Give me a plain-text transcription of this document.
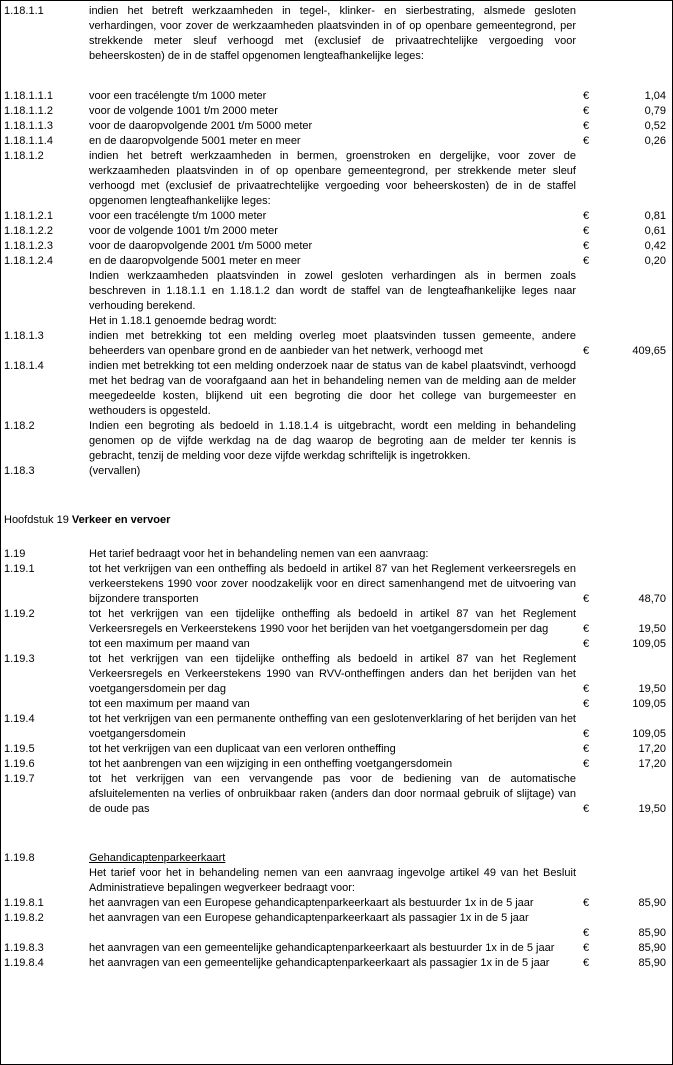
1.18.1.1	indien het betreft werkzaamheden in tegel-, klinker- en sierbestrating, alsmede gesloten verhardingen, voor zover de werkzaamheden plaatsvinden in of op openbare gemeentegrond, per strekkende meter sleuf verhoogd met (exclusief de privaatrechtelijke vergoeding voor beheerskosten) de in de staffel opgenomen lengteafhankelijke leges:
1.18.1.1.1	voor een tracélengte t/m 1000 meter	€	1,04
1.18.1.1.2	voor de volgende 1001 t/m 2000 meter	€	0,79
1.18.1.1.3	voor de daaropvolgende 2001 t/m 5000 meter	€	0,52
1.18.1.1.4	en de daaropvolgende 5001 meter en meer	€	0,26
1.18.1.2	indien het betreft werkzaamheden in bermen, groenstroken en dergelijke, voor zover de werkzaamheden plaatsvinden in of op openbare gemeentegrond, per strekkende meter sleuf verhoogd met (exclusief de privaatrechtelijke vergoeding voor beheerskosten) de in de staffel opgenomen lengteafhankelijke leges:
1.18.1.2.1	voor een tracélengte t/m 1000 meter	€	0,81
1.18.1.2.2	voor de volgende 1001 t/m 2000 meter	€	0,61
1.18.1.2.3	voor de daaropvolgende 2001 t/m 5000 meter	€	0,42
1.18.1.2.4	en de daaropvolgende 5001 meter en meer	€	0,20
Indien werkzaamheden plaatsvinden in zowel gesloten verhardingen als in bermen zoals beschreven in 1.18.1.1 en 1.18.1.2 dan wordt de staffel van de lengteafhankelijke leges naar verhouding berekend.
Het in 1.18.1 genoemde bedrag wordt:
1.18.1.3	indien met betrekking tot een melding overleg moet plaatsvinden tussen gemeente, andere beheerders van openbare grond en de aanbieder van het netwerk, verhoogd met	€	409,65
1.18.1.4	indien met betrekking tot een melding onderzoek naar de status van de kabel plaatsvindt, verhoogd met het bedrag van de voorafgaand aan het in behandeling nemen van de melding aan de melder meegedeelde kosten, blijkend uit een begroting die door het college van burgemeester en wethouders is opgesteld.
1.18.2	Indien een begroting als bedoeld in 1.18.1.4 is uitgebracht, wordt een melding in behandeling genomen op de vijfde werkdag na de dag waarop de begroting aan de melder ter kennis is gebracht, tenzij de melding voor deze vijfde werkdag schriftelijk is ingetrokken.
1.18.3	(vervallen)
Hoofdstuk 19 Verkeer en vervoer
1.19	Het tarief bedraagt voor het in behandeling nemen van een aanvraag:
1.19.1	tot het verkrijgen van een ontheffing als bedoeld in artikel 87 van het Reglement verkeersregels en verkeerstekens 1990 voor zover noodzakelijk voor en direct samenhangend met de uitvoering van bijzondere transporten	€	48,70
1.19.2	tot het verkrijgen van een tijdelijke ontheffing als bedoeld in artikel 87 van het Reglement Verkeersregels en Verkeerstekens 1990 voor het berijden van het voetgangersdomein per dag	€	19,50
tot een maximum per maand van	€	109,05
1.19.3	tot het verkrijgen van een tijdelijke ontheffing als bedoeld in artikel 87 van het Reglement Verkeersregels en Verkeerstekens 1990 van RVV-ontheffingen anders dan het berijden van het voetgangersdomein per dag	€	19,50
tot een maximum per maand van	€	109,05
1.19.4	tot het verkrijgen van een permanente ontheffing van een geslotenverklaring of het berijden van het voetgangersdomein	€	109,05
1.19.5	tot het verkrijgen van een duplicaat van een verloren ontheffing	€	17,20
1.19.6	tot het aanbrengen van een wijziging in een ontheffing voetgangersdomein	€	17,20
1.19.7	tot het verkrijgen van een vervangende pas voor de bediening van de automatische afsluitelementen na verlies of onbruikbaar raken (anders dan door normaal gebruik of slijtage) van de oude pas	€	19,50
1.19.8	Gehandicaptenparkeerkaart
Het tarief voor het in behandeling nemen van een aanvraag ingevolge artikel 49 van het Besluit Administratieve bepalingen wegverkeer bedraagt voor:
1.19.8.1	het aanvragen van een Europese gehandicaptenparkeerkaart als bestuurder 1x in de 5 jaar	€	85,90
1.19.8.2	het aanvragen van een Europese gehandicaptenparkeerkaart als passagier 1x in de 5 jaar
€	85,90
1.19.8.3	het aanvragen van een gemeentelijke gehandicaptenparkeerkaart als bestuurder 1x in de 5 jaar	€	85,90
1.19.8.4	het aanvragen van een gemeentelijke gehandicaptenparkeerkaart als passagier 1x in de 5 jaar	€	85,90
